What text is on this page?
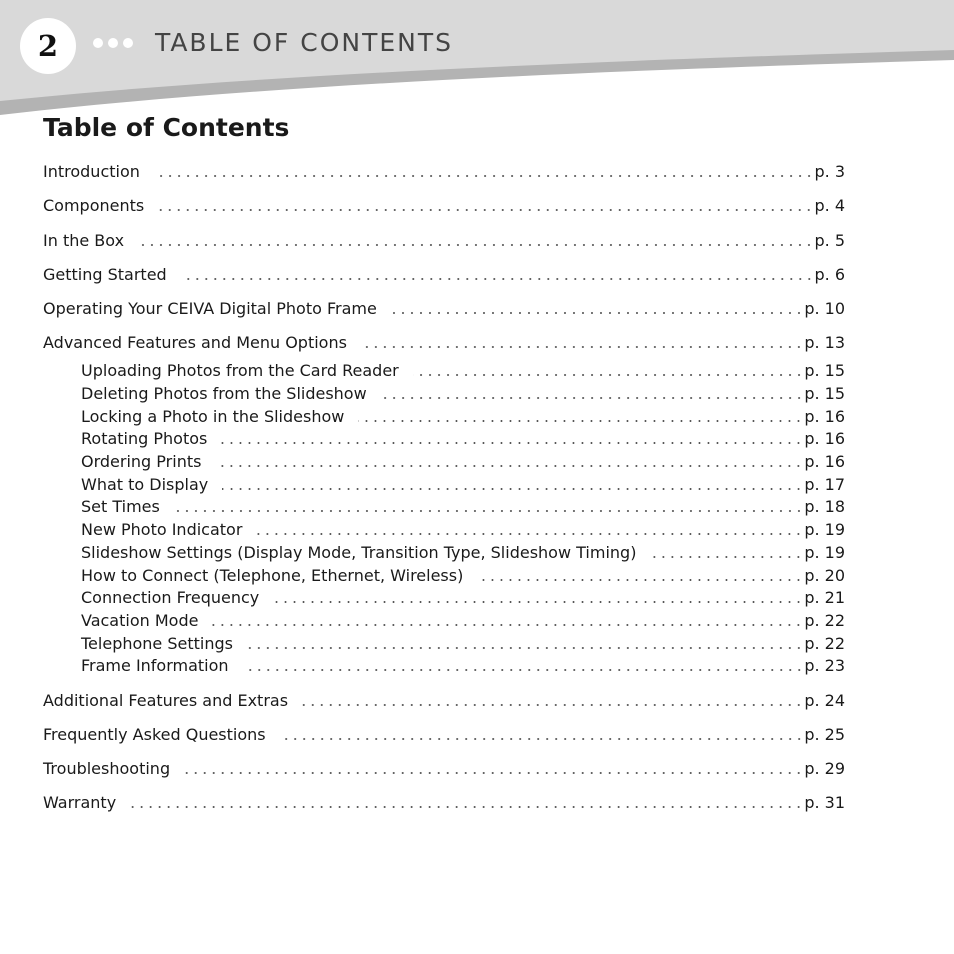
2	TABLE OF CONTENTS
Table of Contents
Introduction	p. 3
Components	p. 4
In the Box	p. 5
Getting Started	p. 6
Operating Your CEIVA Digital Photo Frame	p. 10
Advanced Features and Menu Options	p. 13
Uploading Photos from the Card Reader	p. 15
Deleting Photos from the Slideshow	p. 15
Locking a Photo in the Slideshow	p. 16
Rotating Photos	p. 16
Ordering Prints	p. 16
What to Display	p. 17
Set Times	p. 18
New Photo Indicator	p. 19
Slideshow Settings (Display Mode, Transition Type, Slideshow Timing)	p. 19
How to Connect (Telephone, Ethernet, Wireless)	p. 20
Connection Frequency	p. 21
Vacation Mode	p. 22
Telephone Settings	p. 22
Frame Information	p. 23
Additional Features and Extras	p. 24
Frequently Asked Questions	p. 25
Troubleshooting	p. 29
Warranty	p. 31
